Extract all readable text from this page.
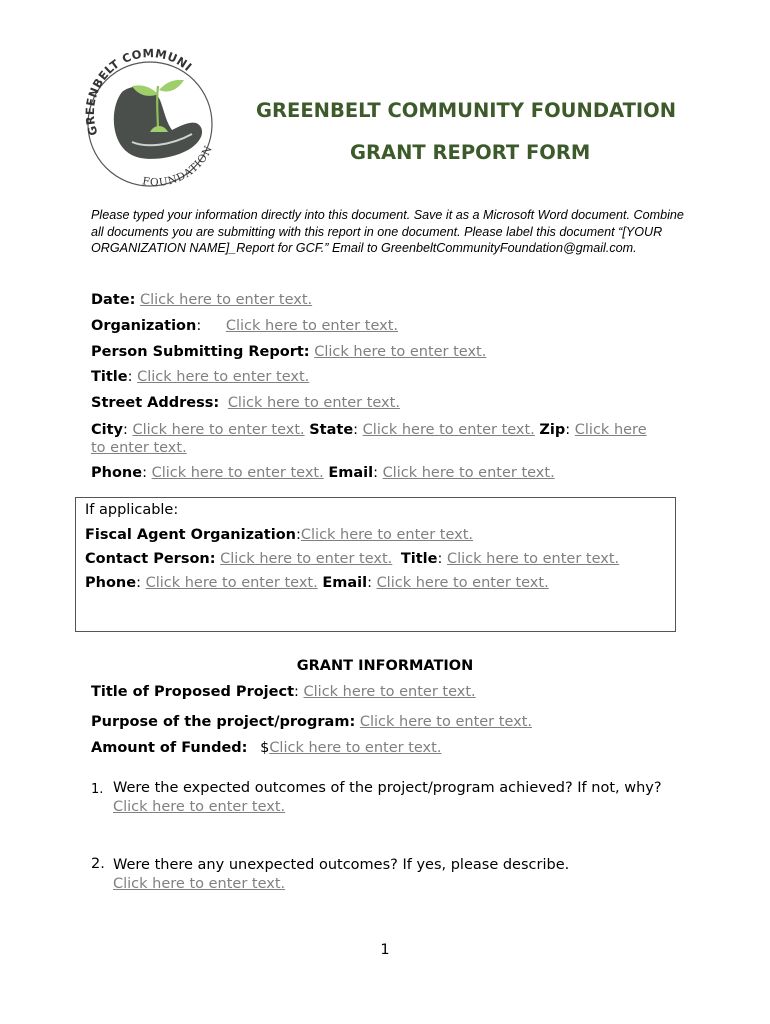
GREENBELT COMMUNI
FOUNDATION
GREENBELT COMMUNITY FOUNDATION
GRANT REPORT FORM
Please typed your information directly into this document. Save it as a Microsoft Word document. Combine all documents you are submitting with this report in one document. Please label this document “[YOUR ORGANIZATION NAME]_Report for GCF.” Email to GreenbeltCommunityFoundation@gmail.com.
Date: Click here to enter text.
Organization: Click here to enter text.
Person Submitting Report: Click here to enter text.
Title: Click here to enter text.
Street Address: Click here to enter text.
City: Click here to enter text. State: Click here to enter text. Zip: Click here
to enter text.
Phone: Click here to enter text. Email: Click here to enter text.
If applicable:
Fiscal Agent Organization:Click here to enter text.
Contact Person: Click here to enter text. Title: Click here to enter text.
Phone: Click here to enter text. Email: Click here to enter text.
GRANT INFORMATION
Title of Proposed Project: Click here to enter text.
Purpose of the project/program: Click here to enter text.
Amount of Funded: $Click here to enter text.
1. Were the expected outcomes of the project/program achieved? If not, why?
Click here to enter text.
2. Were there any unexpected outcomes? If yes, please describe.
Click here to enter text.
1
